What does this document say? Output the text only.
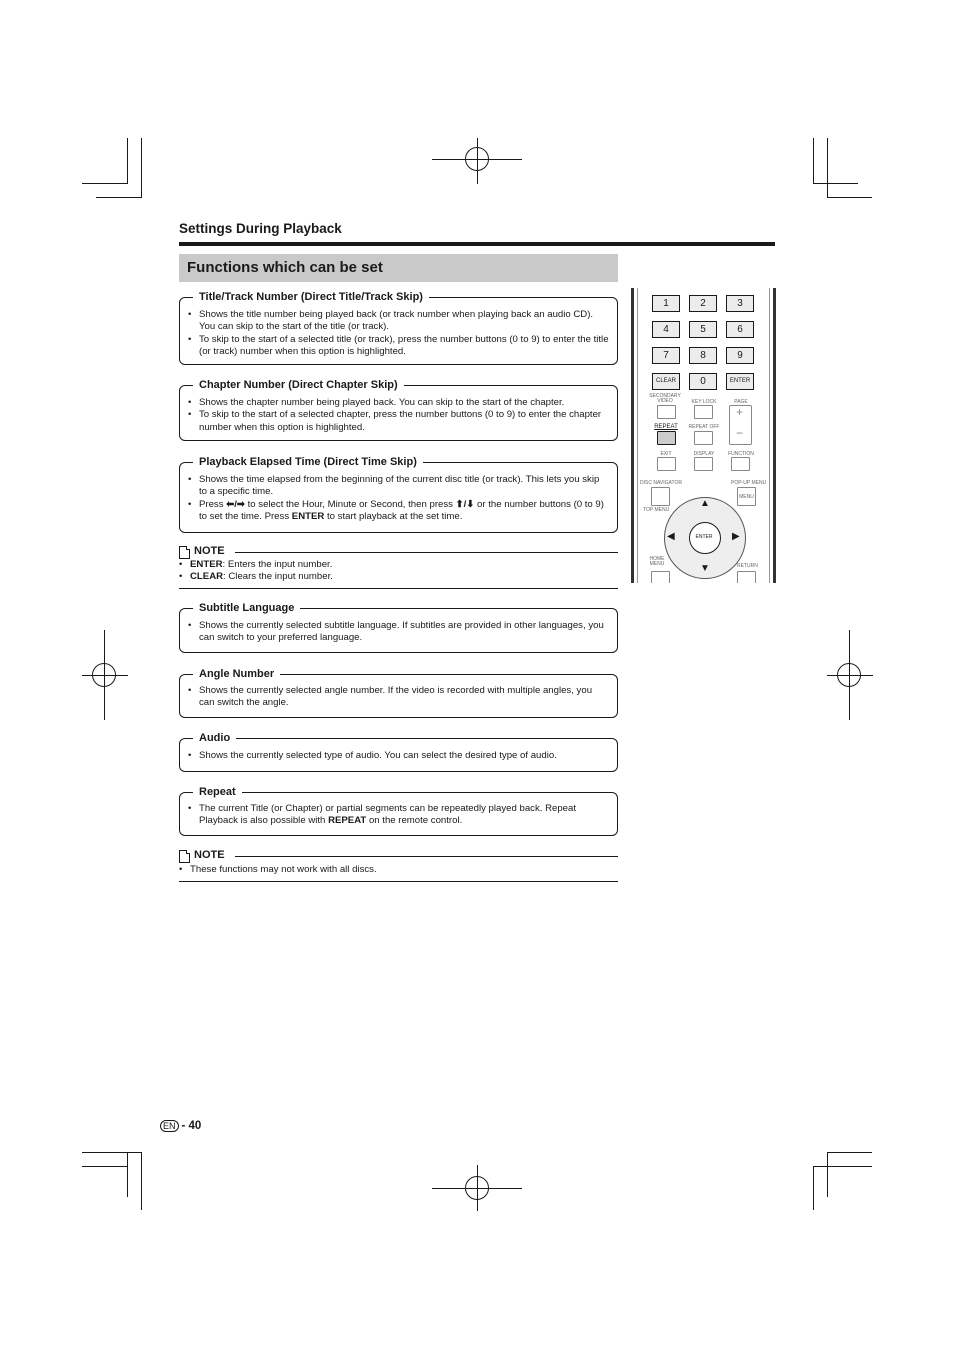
Settings During Playback
Functions which can be set
Title/Track Number (Direct Title/Track Skip)
• Shows the title number being played back (or track number when playing back an audio CD). You can skip to the start of the title (or track).
• To skip to the start of a selected title (or track), press the number buttons (0 to 9) to enter the title (or track) number when this option is highlighted.
Chapter Number (Direct Chapter Skip)
• Shows the chapter number being played back. You can skip to the start of the chapter.
• To skip to the start of a selected chapter, press the number buttons (0 to 9) to enter the chapter number when this option is highlighted.
Playback Elapsed Time (Direct Time Skip)
• Shows the time elapsed from the beginning of the current disc title (or track). This lets you skip to a specific time.
• Press ⬅/➡ to select the Hour, Minute or Second, then press ⬆/⬇ or the number buttons (0 to 9) to set the time. Press ENTER to start playback at the set time.
NOTE
• ENTER: Enters the input number.
• CLEAR: Clears the input number.
Subtitle Language
• Shows the currently selected subtitle language. If subtitles are provided in other languages, you can switch to your preferred language.
Angle Number
• Shows the currently selected angle number. If the video is recorded with multiple angles, you can switch the angle.
Audio
• Shows the currently selected type of audio. You can select the desired type of audio.
Repeat
• The current Title (or Chapter) or partial segments can be repeatedly played back. Repeat Playback is also possible with REPEAT on the remote control.
NOTE
• These functions may not work with all discs.
1	2	3
4	5	6
7	8	9
CLEAR	0	ENTER
SECONDARY VIDEO	KEY LOCK	PAGE
+
−
REPEAT	REPEAT OFF
EXIT	DISPLAY	FUNCTION
DISC NAVIGATOR	POP-UP MENU
MENU
TOP MENU
ENTER
▲
▼
◀	▶
HOME MENU	RETURN
EN - 40
